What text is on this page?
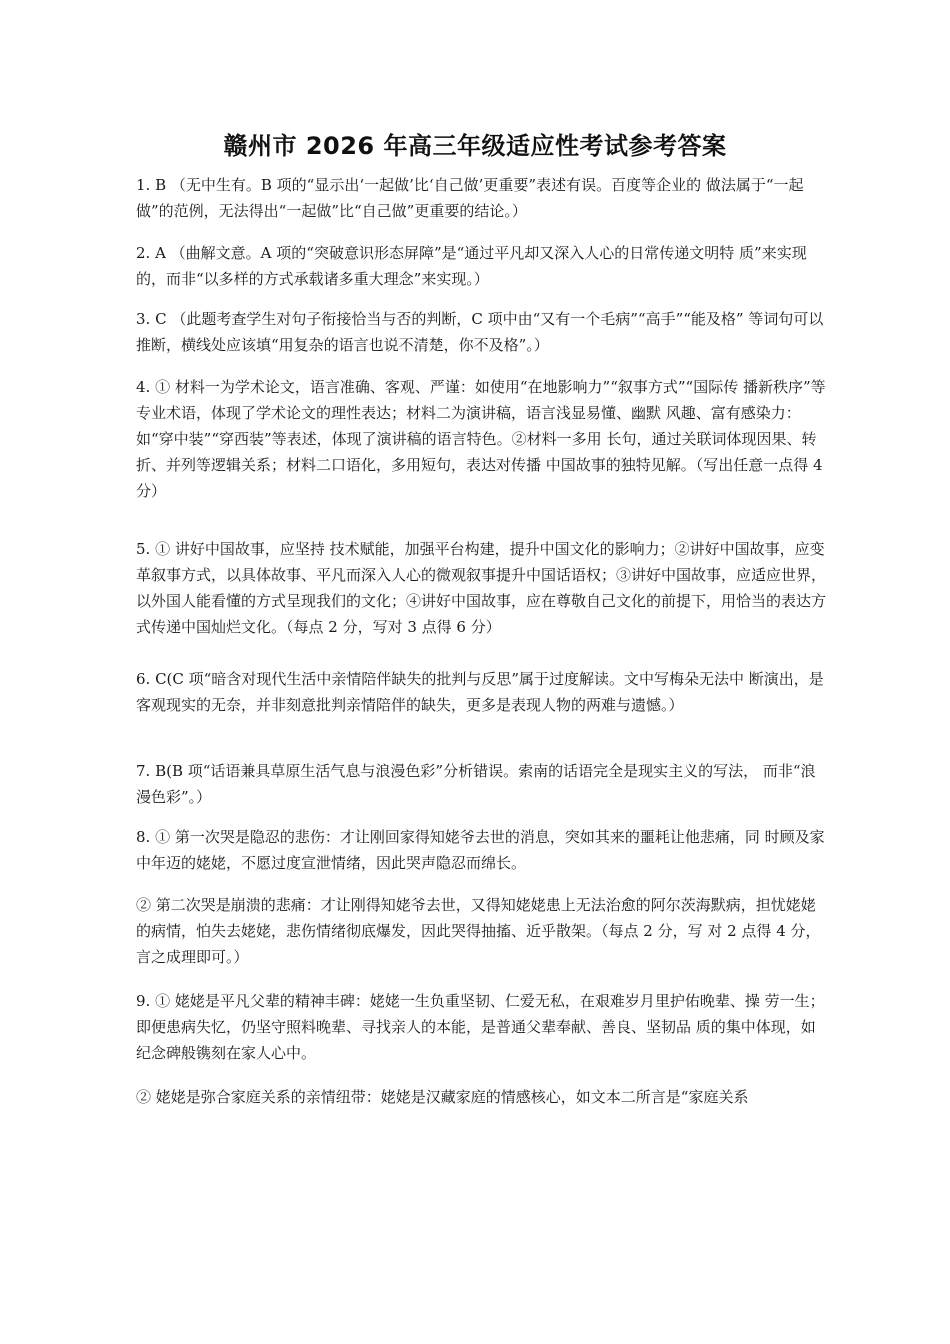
赣州市 2026 年高三年级适应性考试参考答案

1. B （无中生有。B 项的“显示出‘一起做’比‘自己做’更重要”表述有误。百度等企业的 做法属于“一起做”的范例，无法得出“一起做”比“自己做”更重要的结论。）

2. A （曲解文意。A 项的“突破意识形态屏障”是“通过平凡却又深入人心的日常传递文明特 质”来实现的，而非“以多样的方式承载诸多重大理念”来实现。）

3. C （此题考查学生对句子衔接恰当与否的判断，C 项中由“又有一个毛病”“高手”“能及格” 等词句可以推断，横线处应该填“用复杂的语言也说不清楚，你不及格”。）

4. ① 材料一为学术论文，语言准确、客观、严谨：如使用“在地影响力”“叙事方式”“国际传 播新秩序”等专业术语，体现了学术论文的理性表达；材料二为演讲稿，语言浅显易懂、幽默 风趣、富有感染力：如“穿中装”“穿西装”等表述，体现了演讲稿的语言特色。②材料一多用 长句，通过关联词体现因果、转折、并列等逻辑关系；材料二口语化，多用短句，表达对传播 中国故事的独特见解。（写出任意一点得 4 分）

5. ① 讲好中国故事，应坚持 技术赋能，加强平台构建，提升中国文化的影响力；②讲好中国故事，应变革叙事方式，以具体故事、平凡而深入人心的微观叙事提升中国话语权；③讲好中国故事，应适应世界，以外国人能看懂的方式呈现我们的文化；④讲好中国故事，应在尊敬自己文化的前提下，用恰当的表达方式传递中国灿烂文化。（每点 2 分，写对 3 点得 6 分）

6. C(C 项“暗含对现代生活中亲情陪伴缺失的批判与反思”属于过度解读。文中写梅朵无法中 断演出，是客观现实的无奈，并非刻意批判亲情陪伴的缺失，更多是表现人物的两难与遗憾。）

7. B(B 项“话语兼具草原生活气息与浪漫色彩”分析错误。索南的话语完全是现实主义的写法， 而非“浪漫色彩”。）

8. ① 第一次哭是隐忍的悲伤：才让刚回家得知姥爷去世的消息，突如其来的噩耗让他悲痛，同 时顾及家中年迈的姥姥，不愿过度宣泄情绪，因此哭声隐忍而绵长。

② 第二次哭是崩溃的悲痛：才让刚得知姥爷去世，又得知姥姥患上无法治愈的阿尔茨海默病，担忧姥姥的病情，怕失去姥姥，悲伤情绪彻底爆发，因此哭得抽搐、近乎散架。（每点 2 分，写 对 2 点得 4 分，言之成理即可。）

9. ① 姥姥是平凡父辈的精神丰碑：姥姥一生负重坚韧、仁爱无私，在艰难岁月里护佑晚辈、操 劳一生；即便患病失忆，仍坚守照料晚辈、寻找亲人的本能，是普通父辈奉献、善良、坚韧品 质的集中体现，如纪念碑般镌刻在家人心中。

② 姥姥是弥合家庭关系的亲情纽带：姥姥是汉藏家庭的情感核心，如文本二所言是“家庭关系
